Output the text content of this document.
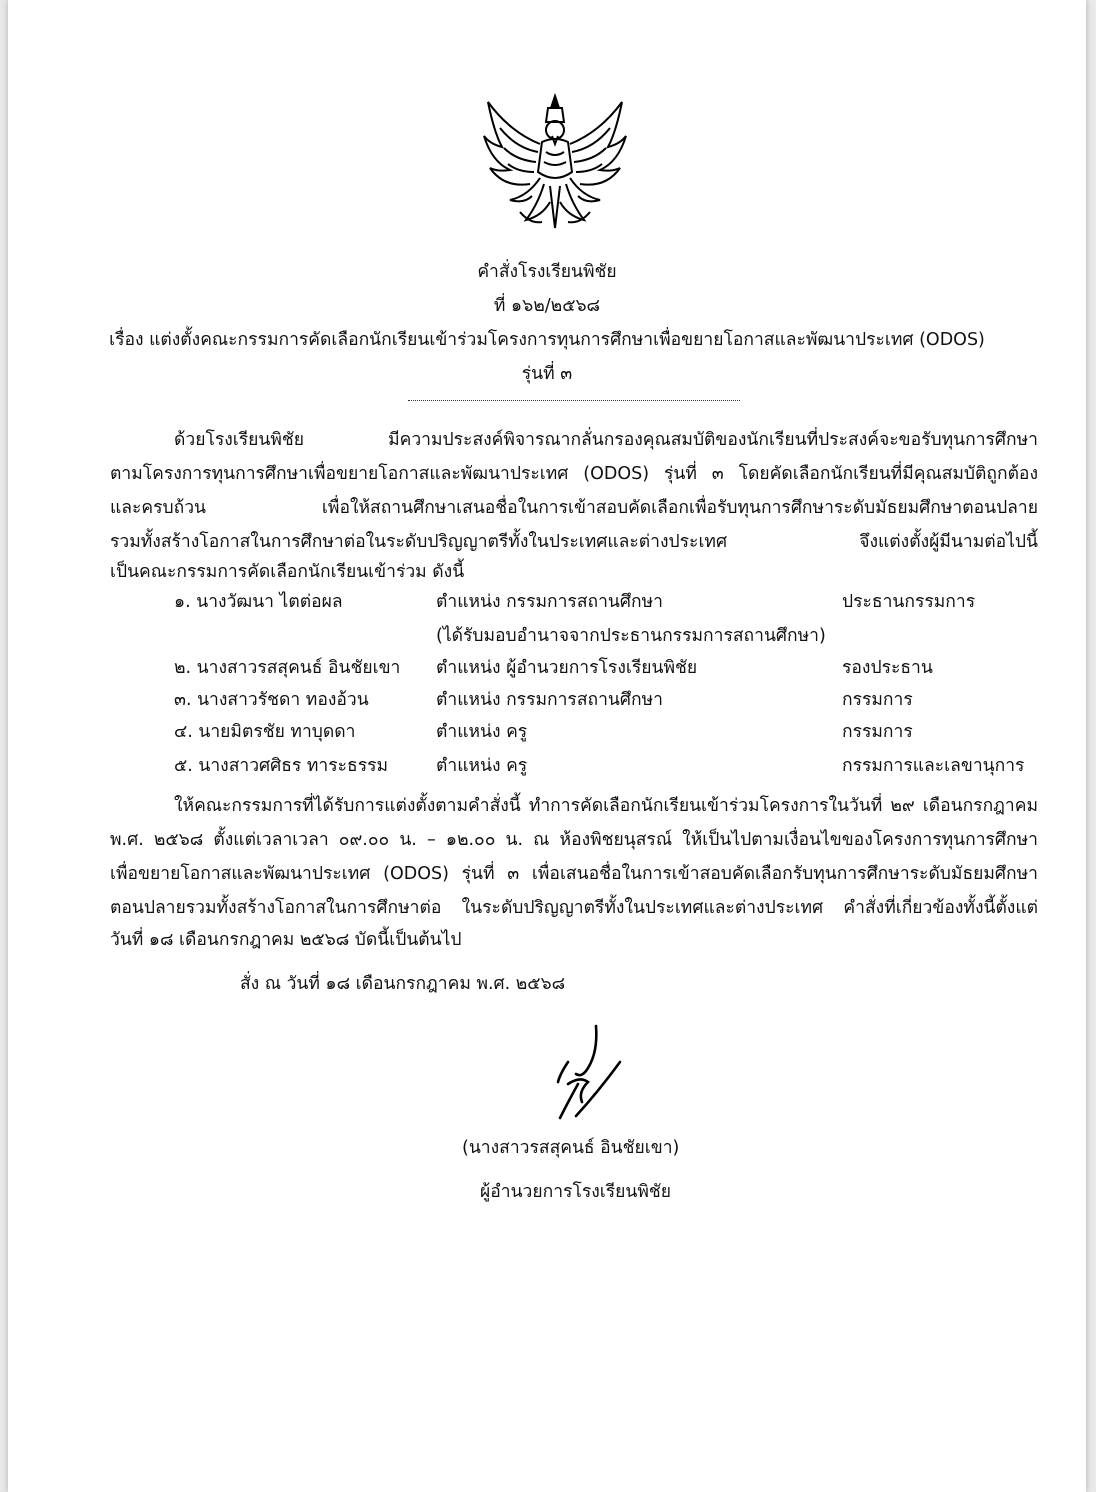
คำสั่งโรงเรียนพิชัย
ที่ ๑๖๒/๒๕๖๘
เรื่อง แต่งตั้งคณะกรรมการคัดเลือกนักเรียนเข้าร่วมโครงการทุนการศึกษาเพื่อขยายโอกาสและพัฒนาประเทศ (ODOS)
รุ่นที่ ๓
ด้วยโรงเรียนพิชัย มีความประสงค์พิจารณากลั่นกรองคุณสมบัติของนักเรียนที่ประสงค์จะขอรับทุนการศึกษา
ตามโครงการทุนการศึกษาเพื่อขยายโอกาสและพัฒนาประเทศ (ODOS) รุ่นที่ ๓ โดยคัดเลือกนักเรียนที่มีคุณสมบัติถูกต้อง
และครบถ้วน เพื่อให้สถานศึกษาเสนอชื่อในการเข้าสอบคัดเลือกเพื่อรับทุนการศึกษาระดับมัธยมศึกษาตอนปลาย
รวมทั้งสร้างโอกาสในการศึกษาต่อในระดับปริญญาตรีทั้งในประเทศและต่างประเทศ จึงแต่งตั้งผู้มีนามต่อไปนี้
เป็นคณะกรรมการคัดเลือกนักเรียนเข้าร่วม ดังนี้
๑. นางวัฒนา ไตต่อผล	ตำแหน่ง กรรมการสถานศึกษา	ประธานกรรมการ
(ได้รับมอบอำนาจจากประธานกรรมการสถานศึกษา)
๒. นางสาวรสสุคนธ์ อินชัยเขา ตำแหน่ง ผู้อำนวยการโรงเรียนพิชัย	รองประธาน
๓. นางสาวรัชดา ทองอ้วน	ตำแหน่ง กรรมการสถานศึกษา	กรรมการ
๔. นายมิตรชัย ทาบุดดา	ตำแหน่ง ครู	กรรมการ
๕. นางสาวศศิธร ทาระธรรม	ตำแหน่ง ครู	กรรมการและเลขานุการ
ให้คณะกรรมการที่ได้รับการแต่งตั้งตามคำสั่งนี้ ทำการคัดเลือกนักเรียนเข้าร่วมโครงการในวันที่ ๒๙ เดือนกรกฎาคม
พ.ศ. ๒๕๖๘ ตั้งแต่เวลาเวลา ๐๙.๐๐ น. – ๑๒.๐๐ น. ณ ห้องพิชยนุสรณ์ ให้เป็นไปตามเงื่อนไขของโครงการทุนการศึกษา
เพื่อขยายโอกาสและพัฒนาประเทศ (ODOS) รุ่นที่ ๓ เพื่อเสนอชื่อในการเข้าสอบคัดเลือกรับทุนการศึกษาระดับมัธยมศึกษา
ตอนปลายรวมทั้งสร้างโอกาสในการศึกษาต่อ ในระดับปริญญาตรีทั้งในประเทศและต่างประเทศ คำสั่งที่เกี่ยวข้องทั้งนี้ตั้งแต่
วันที่ ๑๘ เดือนกรกฎาคม ๒๕๖๘ บัดนี้เป็นต้นไป
สั่ง ณ วันที่ ๑๘ เดือนกรกฎาคม พ.ศ. ๒๕๖๘
(นางสาวรสสุคนธ์ อินชัยเขา)
ผู้อำนวยการโรงเรียนพิชัย
